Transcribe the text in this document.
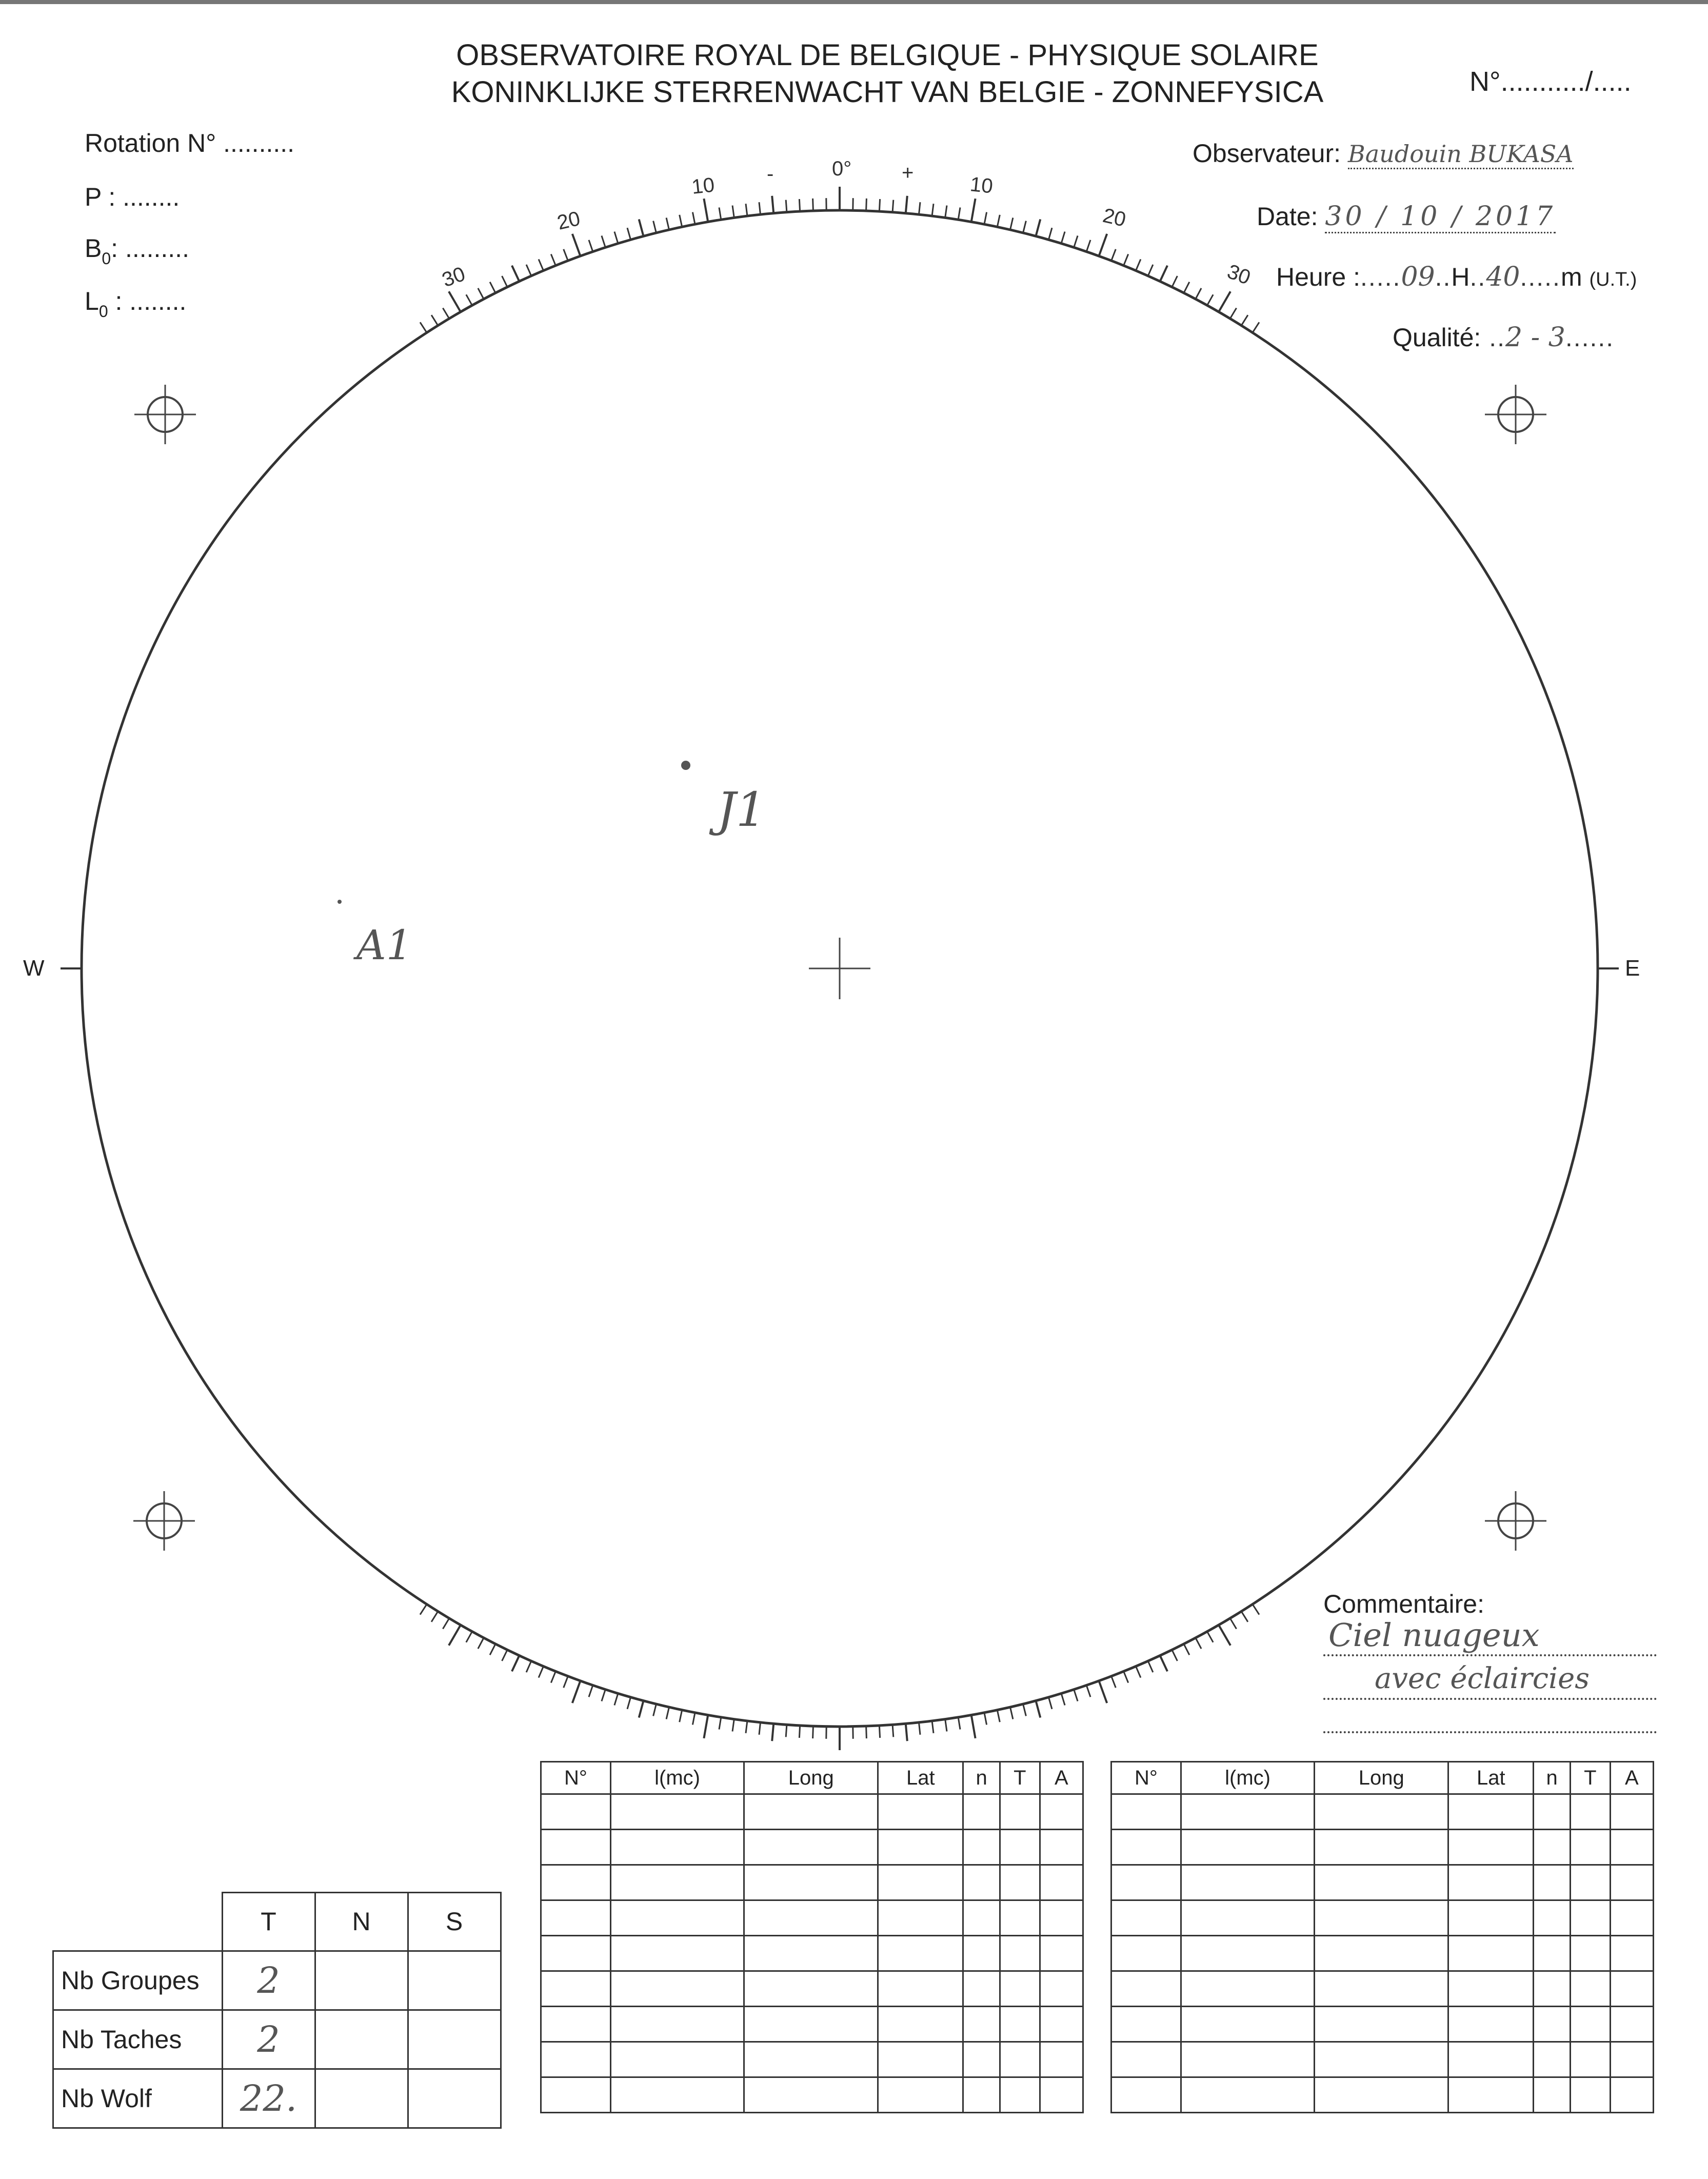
OBSERVATOIRE ROYAL DE BELGIQUE - PHYSIQUE SOLAIRE
KONINKLIJKE STERRENWACHT VAN BELGIE - ZONNEFYSICA	N°.........../.....
Rotation N° ..........
P : ........
$B_0$: .........
$L_0$ : ........
Observateur: Baudouin BUKASA
Date: 30 / 10 / 2017
Heure :.....09..H..40.....m (U.T.)
Qualité: ..2 - 3......
W	E
J1
A1
30
20
10 -	0° +
10
20
30
Commentaire:
Ciel nuageux
avec éclaircies
N°	l(mc)	Long	Lat	n	T	A

							N°	l(mc)	Long	Lat	n	T	A

	T	N	S
Nb Groupes	2		
Nb Taches	2		
Nb Wolf	22.		
